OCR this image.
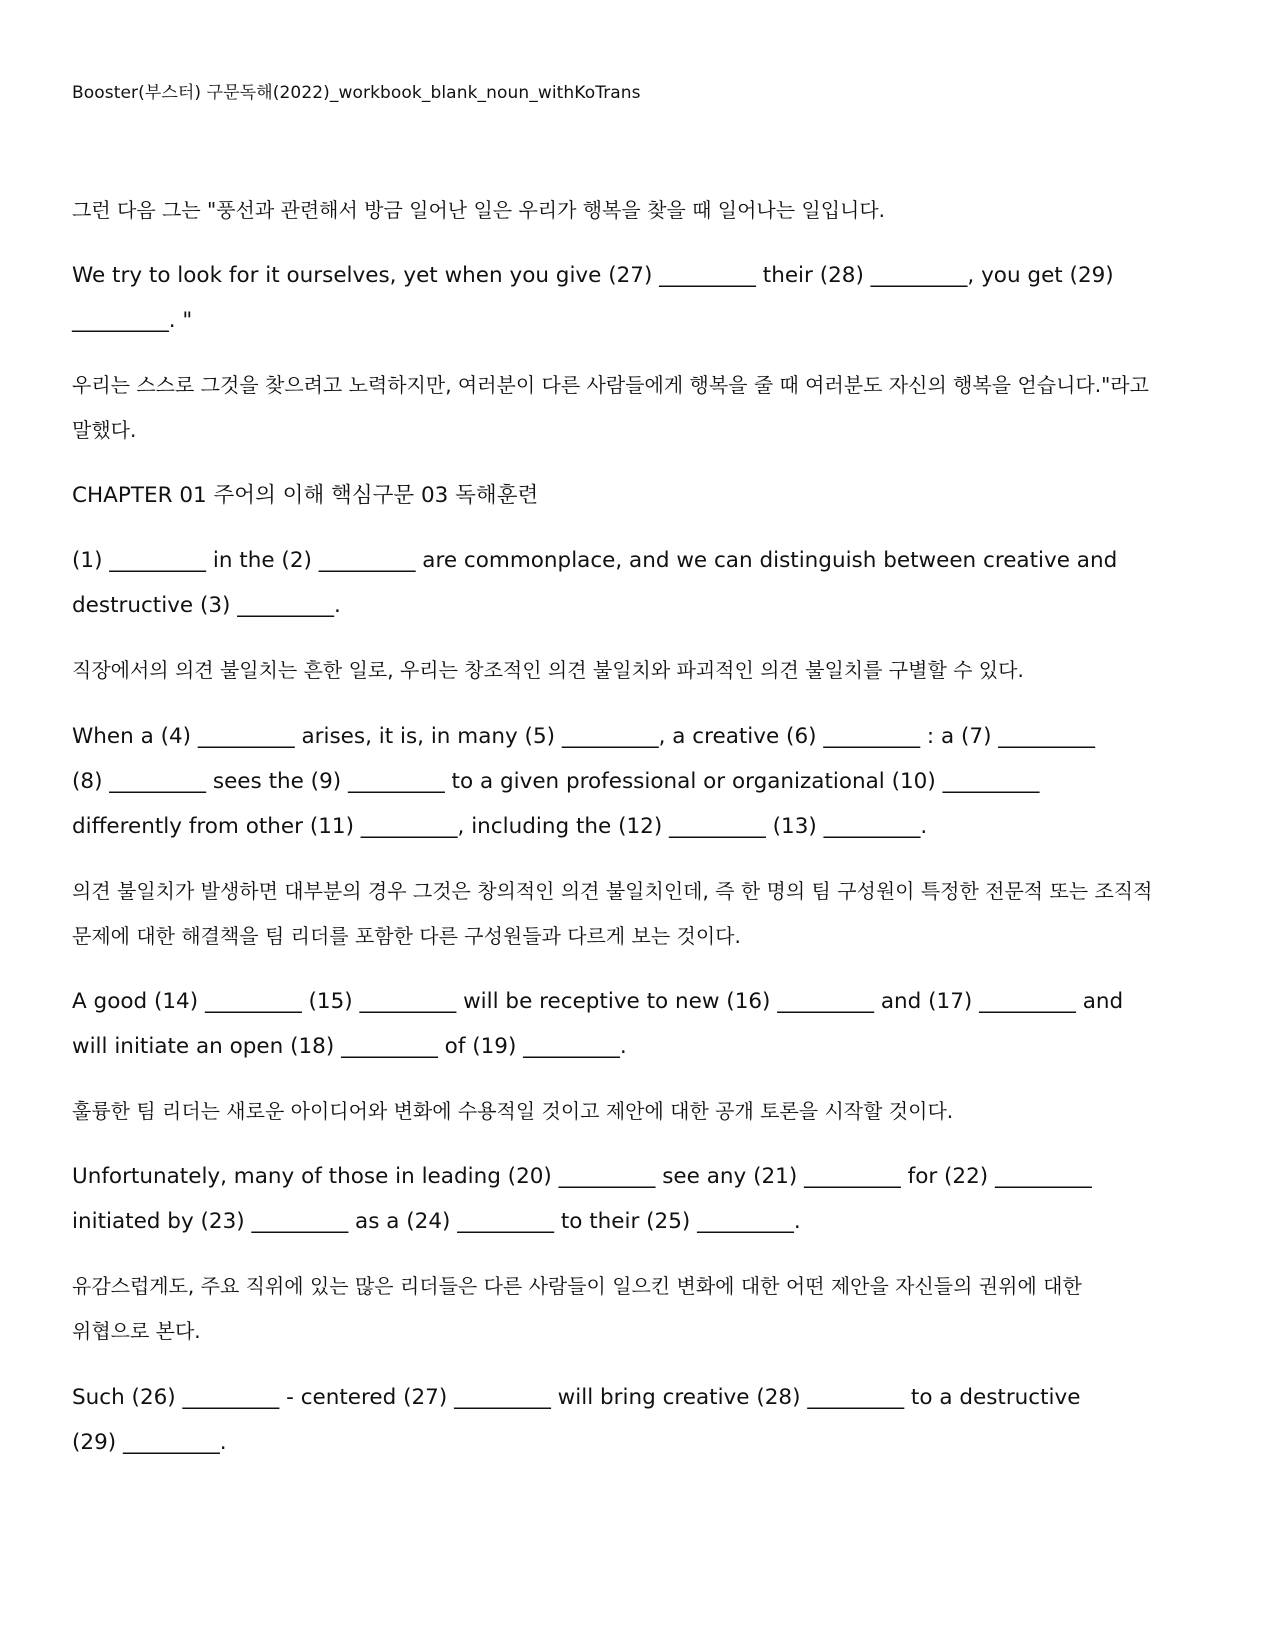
Booster(부스터) 구문독해(2022)_workbook_blank_noun_withKoTrans
그런 다음 그는 "풍선과 관련해서 방금 일어난 일은 우리가 행복을 찾을 때 일어나는 일입니다.
We try to look for it ourselves, yet when you give (27) _________ their (28) _________, you get (29)
_________. "
우리는 스스로 그것을 찾으려고 노력하지만, 여러분이 다른 사람들에게 행복을 줄 때 여러분도 자신의 행복을 얻습니다."라고
말했다.
CHAPTER 01 주어의 이해 핵심구문 03 독해훈련
(1) _________ in the (2) _________ are commonplace, and we can distinguish between creative and
destructive (3) _________.
직장에서의 의견 불일치는 흔한 일로, 우리는 창조적인 의견 불일치와 파괴적인 의견 불일치를 구별할 수 있다.
When a (4) _________ arises, it is, in many (5) _________, a creative (6) _________ : a (7) _________
(8) _________ sees the (9) _________ to a given professional or organizational (10) _________
differently from other (11) _________, including the (12) _________ (13) _________.
의견 불일치가 발생하면 대부분의 경우 그것은 창의적인 의견 불일치인데, 즉 한 명의 팀 구성원이 특정한 전문적 또는 조직적
문제에 대한 해결책을 팀 리더를 포함한 다른 구성원들과 다르게 보는 것이다.
A good (14) _________ (15) _________ will be receptive to new (16) _________ and (17) _________ and
will initiate an open (18) _________ of (19) _________.
훌륭한 팀 리더는 새로운 아이디어와 변화에 수용적일 것이고 제안에 대한 공개 토론을 시작할 것이다.
Unfortunately, many of those in leading (20) _________ see any (21) _________ for (22) _________
initiated by (23) _________ as a (24) _________ to their (25) _________.
유감스럽게도, 주요 직위에 있는 많은 리더들은 다른 사람들이 일으킨 변화에 대한 어떤 제안을 자신들의 권위에 대한
위협으로 본다.
Such (26) _________ - centered (27) _________ will bring creative (28) _________ to a destructive
(29) _________.
